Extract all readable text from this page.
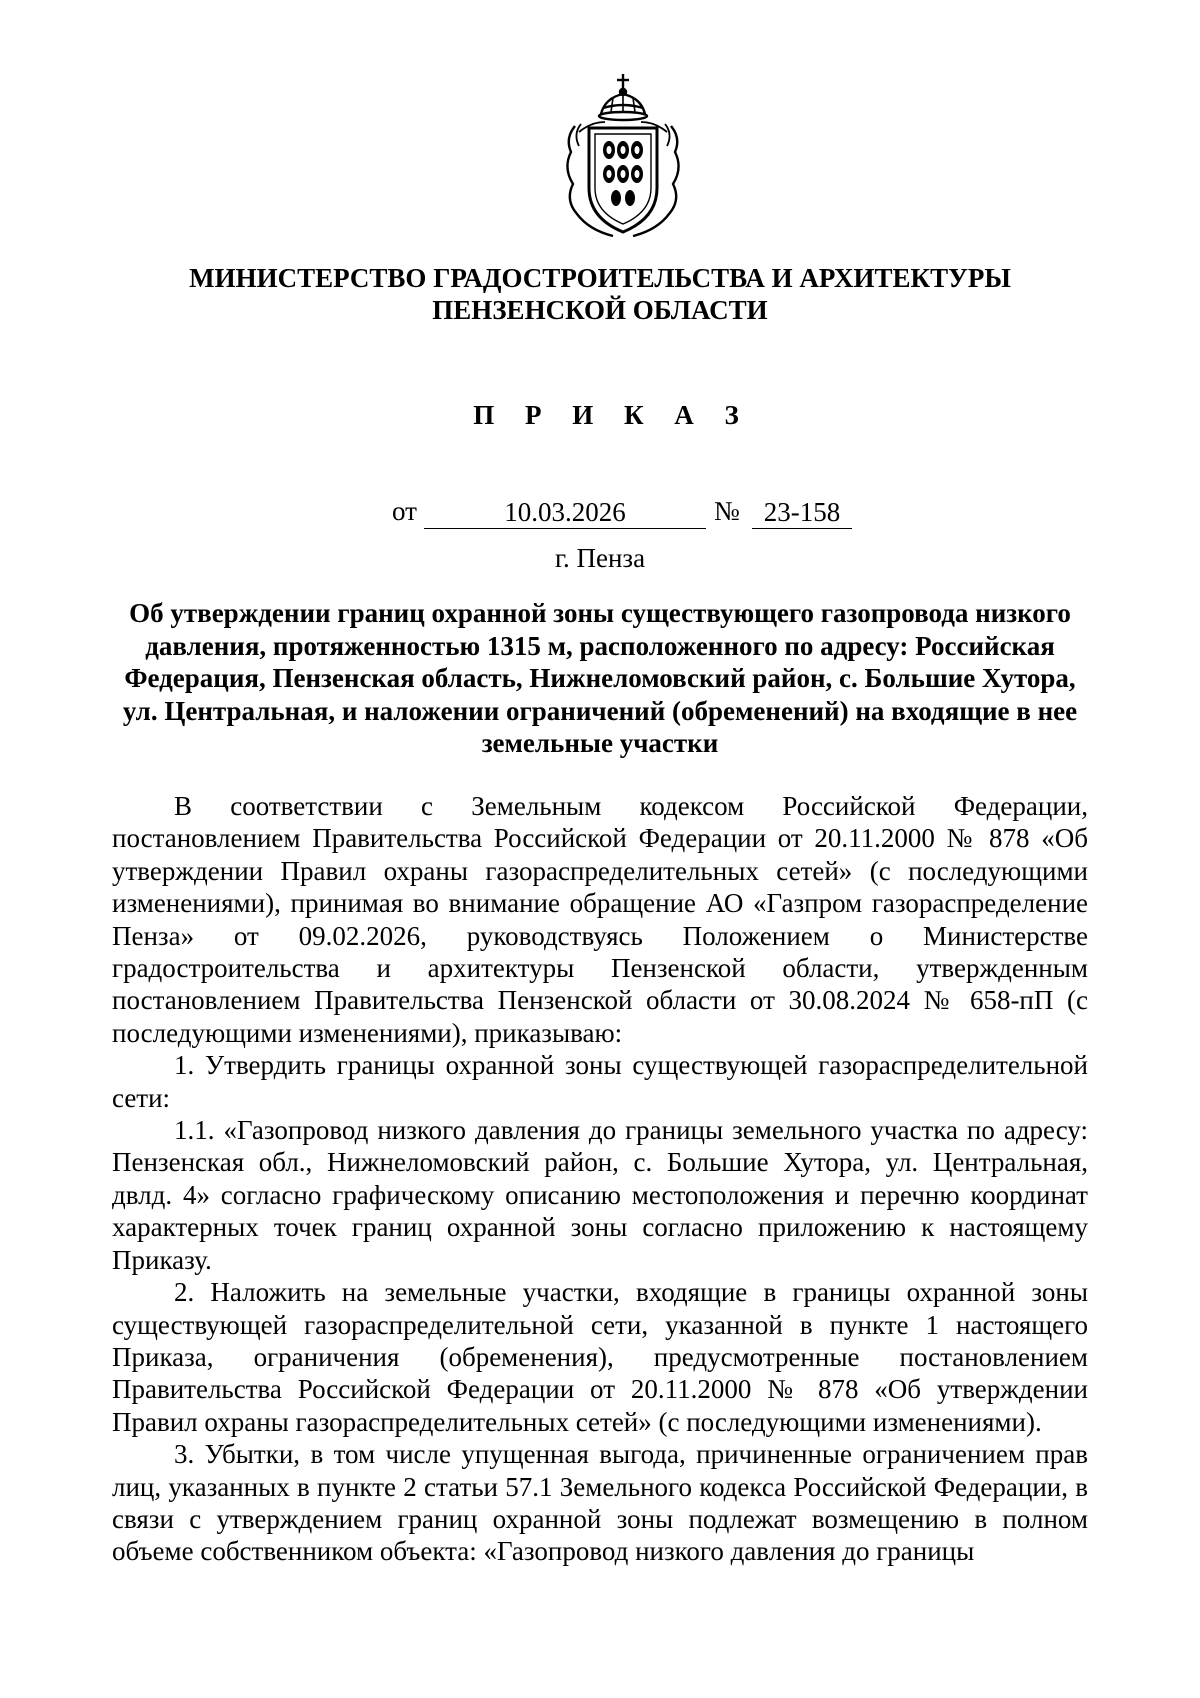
МИНИСТЕРСТВО ГРАДОСТРОИТЕЛЬСТВА И АРХИТЕКТУРЫ
ПЕНЗЕНСКОЙ ОБЛАСТИ
П Р И К А З
от	10.03.2026	№ 23-158
г. Пенза
Об утверждении границ охранной зоны существующего газопровода низкого
давления, протяженностью 1315 м, расположенного по адресу: Российская
Федерация, Пензенская область, Нижнеломовский район, с. Большие Хутора,
ул. Центральная, и наложении ограничений (обременений) на входящие в нее
земельные участки

В соответствии с Земельным кодексом Российской Федерации, постановлением Правительства Российской Федерации от 20.11.2000 № 878 «Об утверждении Правил охраны газораспределительных сетей» (с последующими изменениями), принимая во внимание обращение АО «Газпром газораспределение Пенза» от 09.02.2026, руководствуясь Положением о Министерстве градостроительства и архитектуры Пензенской области, утвержденным постановлением Правительства Пензенской области от 30.08.2024 № 658-пП (с последующими изменениями), приказываю:

1. Утвердить границы охранной зоны существующей газораспределительной сети:

1.1. «Газопровод низкого давления до границы земельного участка по адресу: Пензенская обл., Нижнеломовский район, с. Большие Хутора, ул. Центральная, двлд. 4» согласно графическому описанию местоположения и перечню координат характерных точек границ охранной зоны согласно приложению к настоящему Приказу.

2. Наложить на земельные участки, входящие в границы охранной зоны существующей газораспределительной сети, указанной в пункте 1 настоящего Приказа, ограничения (обременения), предусмотренные постановлением Правительства Российской Федерации от 20.11.2000 № 878 «Об утверждении Правил охраны газораспределительных сетей» (с последующими изменениями).

3. Убытки, в том числе упущенная выгода, причиненные ограничением прав лиц, указанных в пункте 2 статьи 57.1 Земельного кодекса Российской Федерации, в связи с утверждением границ охранной зоны подлежат возмещению в полном объеме собственником объекта: «Газопровод низкого давления до границы
